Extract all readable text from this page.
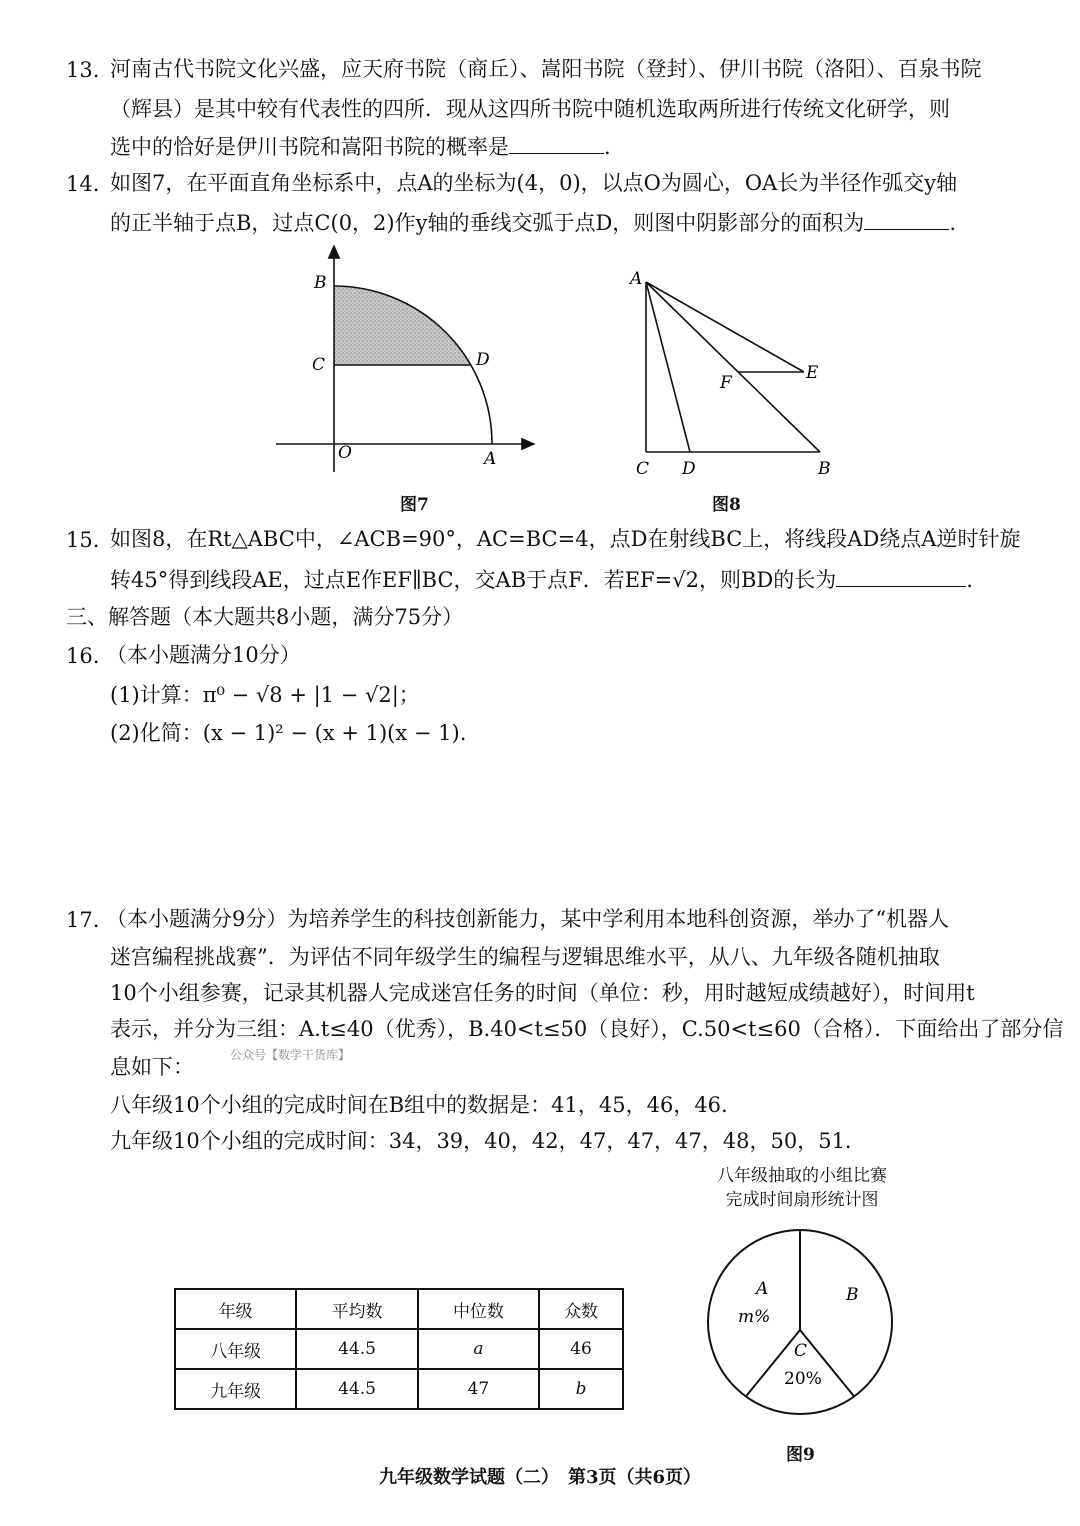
13. 河南古代书院文化兴盛，应天府书院（商丘）、嵩阳书院（登封）、伊川书院（洛阳）、百泉书院
（辉县）是其中较有代表性的四所．现从这四所书院中随机选取两所进行传统文化研学，则
选中的恰好是伊川书院和嵩阳书院的概率是	.
14. 如图7，在平面直角坐标系中，点A的坐标为(4，0)，以点O为圆心，OA长为半径作弧交y轴
的正半轴于点B，过点C(0，2)作y轴的垂线交弧于点D，则图中阴影部分的面积为	.
B
C	D
O	A
图7
A
E
F
C D	B
图8
15. 如图8，在Rt△ABC中，∠ACB=90°，AC=BC=4，点D在射线BC上，将线段AD绕点A逆时针旋
转45°得到线段AE，过点E作EF∥BC，交AB于点F．若EF=√2，则BD的长为	.
三、解答题（本大题共8小题，满分75分）
16. （本小题满分10分）
(1)计算：π⁰ − √8 + |1 − √2|；
(2)化简：(x − 1)² − (x + 1)(x − 1).
17. （本小题满分9分）为培养学生的科技创新能力，某中学利用本地科创资源，举办了“机器人
迷宫编程挑战赛”．为评估不同年级学生的编程与逻辑思维水平，从八、九年级各随机抽取
10个小组参赛，记录其机器人完成迷宫任务的时间（单位：秒，用时越短成绩越好），时间用t
表示，并分为三组：A.t≤40（优秀），B.40<t≤50（良好），C.50<t≤60（合格）．下面给出了部分信
息如下：	公众号【数学干货库】
八年级10个小组的完成时间在B组中的数据是：41，45，46，46.
九年级10个小组的完成时间：34，39，40，42，47，47，47，48，50，51.
年级	平均数	中位数	众数
八年级	44.5	a	46
九年级	44.5	47	b
八年级抽取的小组比赛
完成时间扇形统计图
A
m%
B
C
20%
图9
九年级数学试题（二）　第3页（共6页）
